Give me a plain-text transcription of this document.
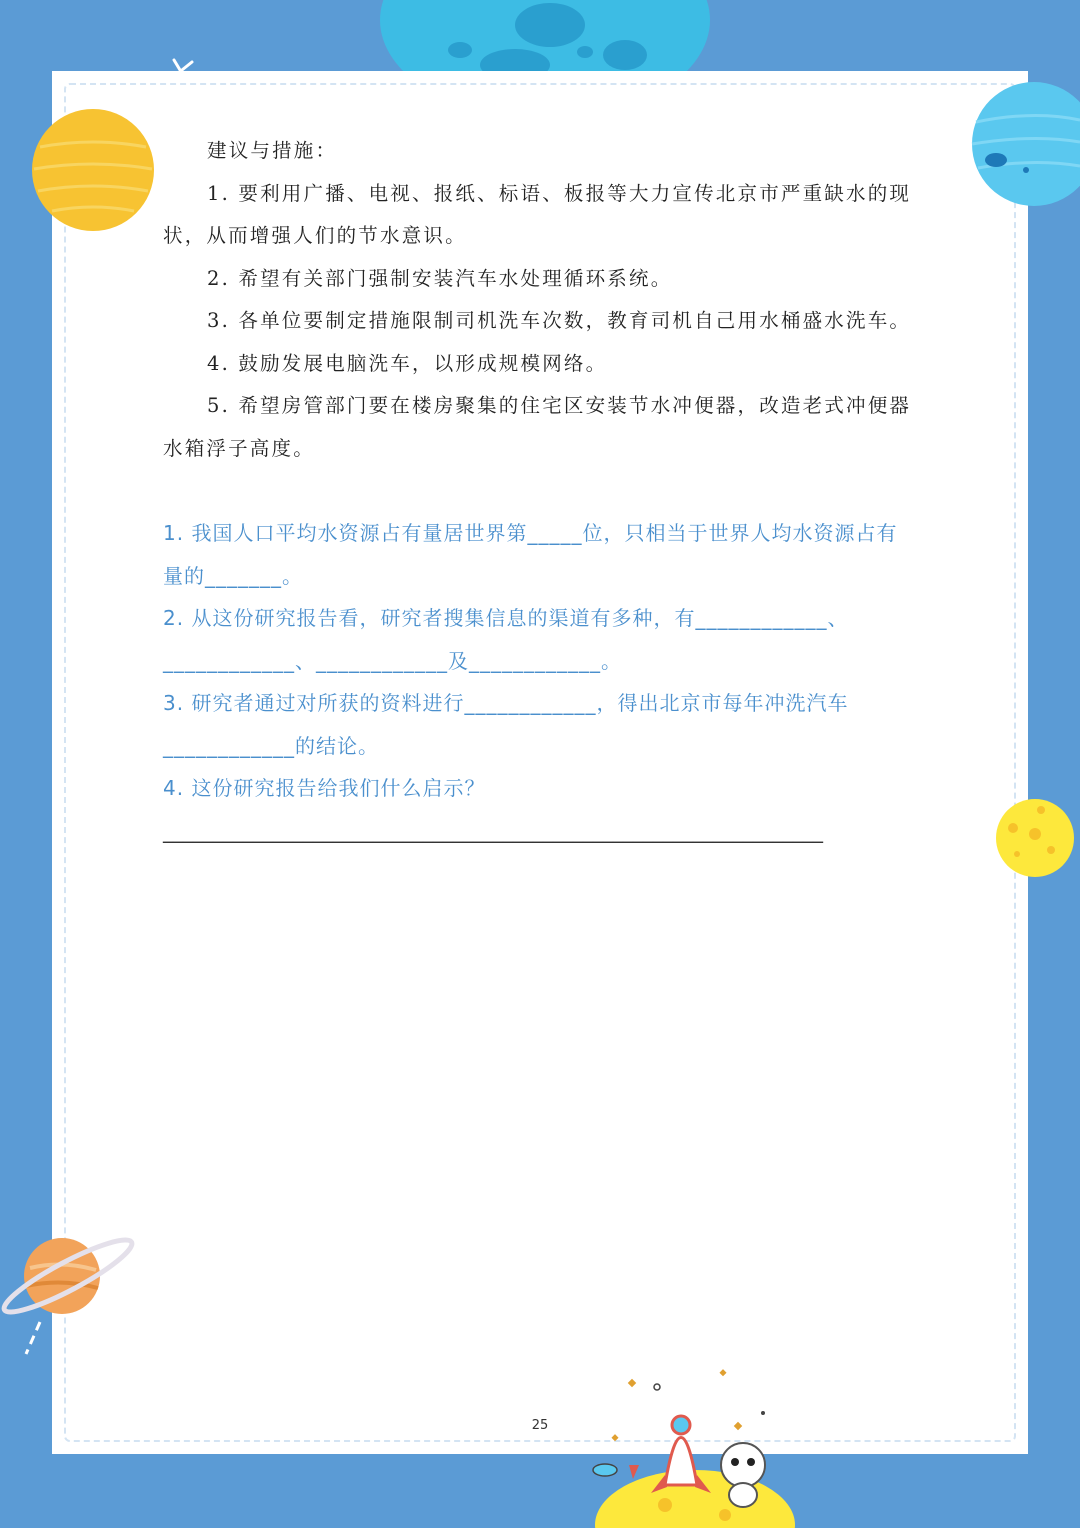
建议与措施：
1. 要利用广播、电视、报纸、标语、板报等大力宣传北京市严重缺水的现
状，从而增强人们的节水意识。
2. 希望有关部门强制安装汽车水处理循环系统。
3. 各单位要制定措施限制司机洗车次数，教育司机自己用水桶盛水洗车。
4. 鼓励发展电脑洗车，以形成规模网络。
5. 希望房管部门要在楼房聚集的住宅区安装节水冲便器，改造老式冲便器
水箱浮子高度。
1. 我国人口平均水资源占有量居世界第_____位，只相当于世界人均水资源占有
量的_______。
2. 从这份研究报告看，研究者搜集信息的渠道有多种，有____________、
____________、____________及____________。
3. 研究者通过对所获的资料进行____________，得出北京市每年冲洗汽车
____________的结论。
4. 这份研究报告给我们什么启示？
__________________________________________________________________
25
